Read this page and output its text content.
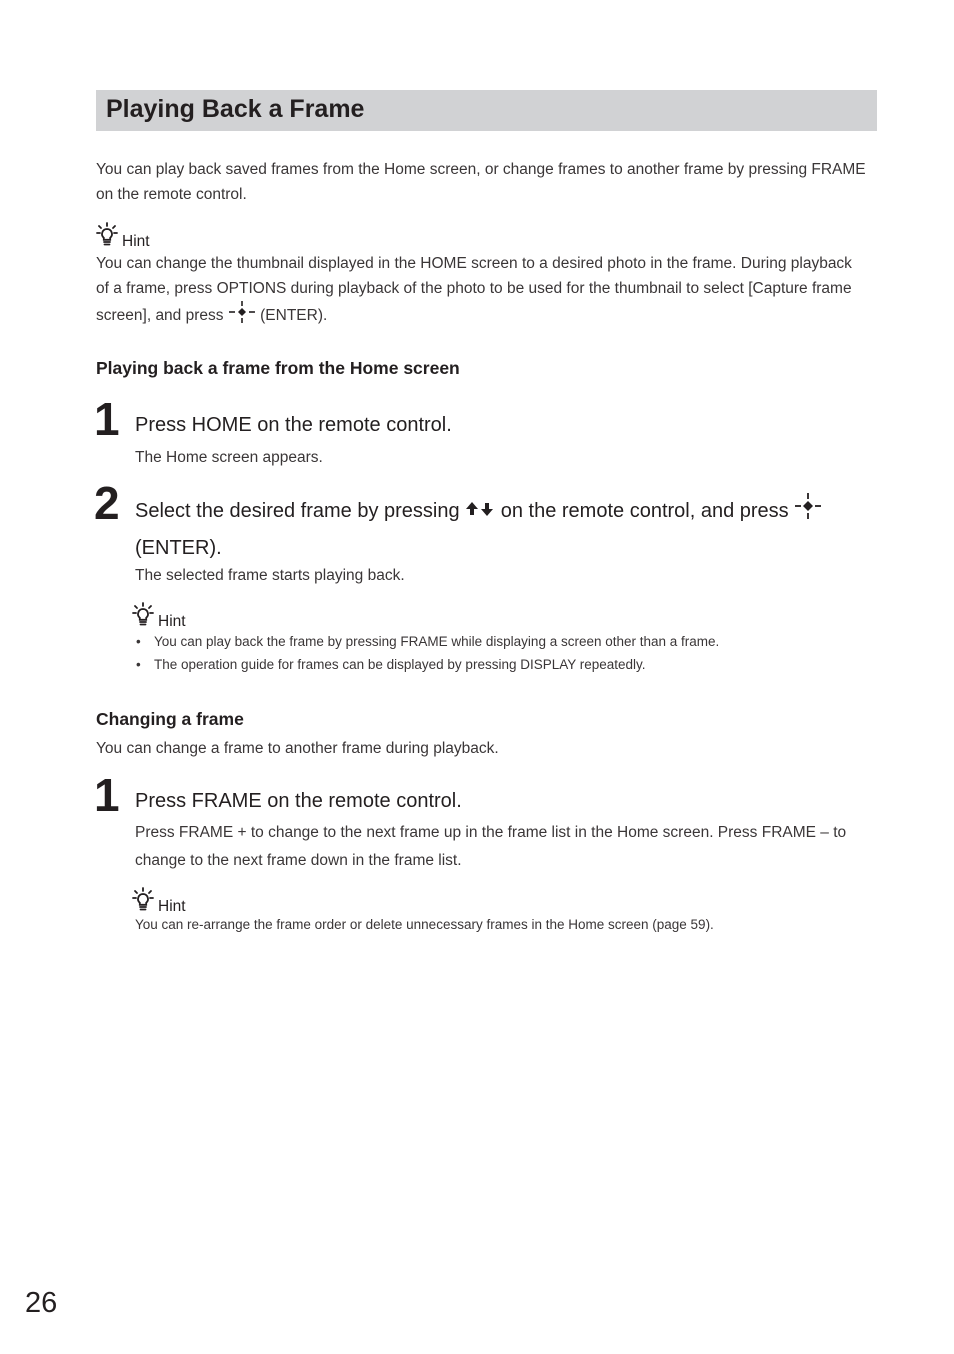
Playing Back a Frame
You can play back saved frames from the Home screen, or change frames to another frame by pressing FRAME on the remote control.
Hint
You can change the thumbnail displayed in the HOME screen to a desired photo in the frame. During playback of a frame, press OPTIONS during playback of the photo to be used for the thumbnail to select [Capture frame screen], and press (ENTER).
Playing back a frame from the Home screen
1 Press HOME on the remote control.
The Home screen appears.
2 Select the desired frame by pressing on the remote control, and press
(ENTER).
The selected frame starts playing back.
Hint
• You can play back the frame by pressing FRAME while displaying a screen other than a frame.
• The operation guide for frames can be displayed by pressing DISPLAY repeatedly.
Changing a frame
You can change a frame to another frame during playback.
1 Press FRAME on the remote control.
Press FRAME + to change to the next frame up in the frame list in the Home screen. Press FRAME – to change to the next frame down in the frame list.
Hint
You can re-arrange the frame order or delete unnecessary frames in the Home screen (page 59).
26
